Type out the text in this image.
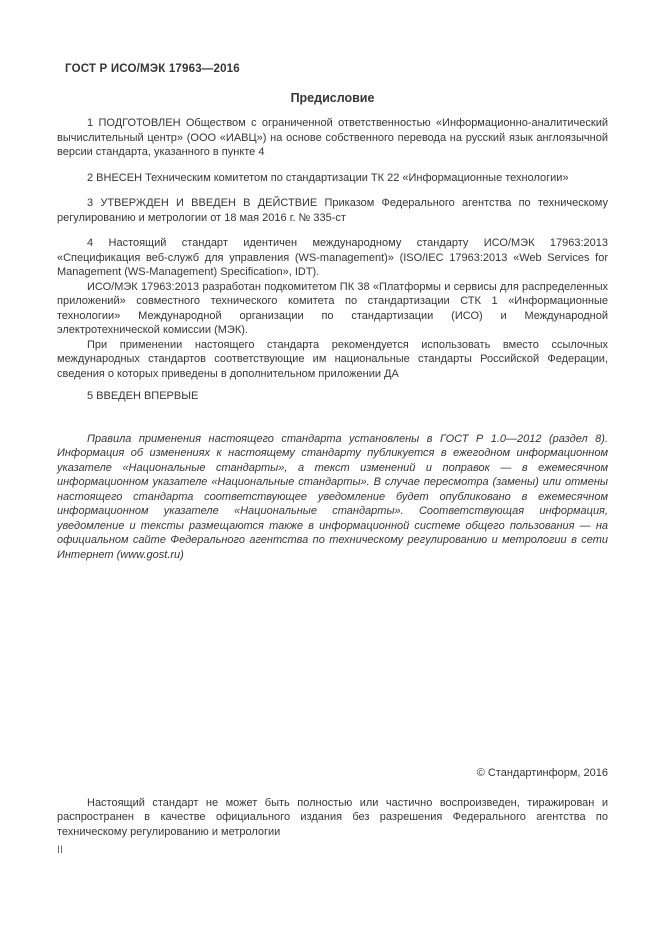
ГОСТ Р ИСО/МЭК 17963—2016
Предисловие

1 ПОДГОТОВЛЕН Обществом с ограниченной ответственностью «Информационно-аналитический вычислительный центр» (ООО «ИАВЦ») на основе собственного перевода на русский язык англоязычной версии стандарта, указанного в пункте 4

2 ВНЕСЕН Техническим комитетом по стандартизации ТК 22 «Информационные технологии»

3 УТВЕРЖДЕН И ВВЕДЕН В ДЕЙСТВИЕ Приказом Федерального агентства по техническому регулированию и метрологии от 18 мая 2016 г. № 335-ст

4 Настоящий стандарт идентичен международному стандарту ИСО/МЭК 17963:2013 «Спецификация веб-служб для управления (WS-management)» (ISO/IEC 17963:2013 «Web Services for Management (WS-Management) Specification», IDT).

ИСО/МЭК 17963:2013 разработан подкомитетом ПК 38 «Платформы и сервисы для распределенных приложений» совместного технического комитета по стандартизации СТК 1 «Информационные технологии» Международной организации по стандартизации (ИСО) и Международной электротехнической комиссии (МЭК).

При применении настоящего стандарта рекомендуется использовать вместо ссылочных международных стандартов соответствующие им национальные стандарты Российской Федерации, сведения о которых приведены в дополнительном приложении ДА

5 ВВЕДЕН ВПЕРВЫЕ

Правила применения настоящего стандарта установлены в ГОСТ Р 1.0—2012 (раздел 8). Информация об изменениях к настоящему стандарту публикуется в ежегодном информационном указателе «Национальные стандарты», а текст изменений и поправок — в ежемесячном информационном указателе «Национальные стандарты». В случае пересмотра (замены) или отмены настоящего стандарта соответствующее уведомление будет опубликовано в ежемесячном информационном указателе «Национальные стандарты». Соответствующая информация, уведомление и тексты размещаются также в информационной системе общего пользования — на официальном сайте Федерального агентства по техническому регулированию и метрологии в сети Интернет (www.gost.ru)

© Стандартинформ, 2016

Настоящий стандарт не может быть полностью или частично воспроизведен, тиражирован и распространен в качестве официального издания без разрешения Федерального агентства по техническому регулированию и метрологии

II
